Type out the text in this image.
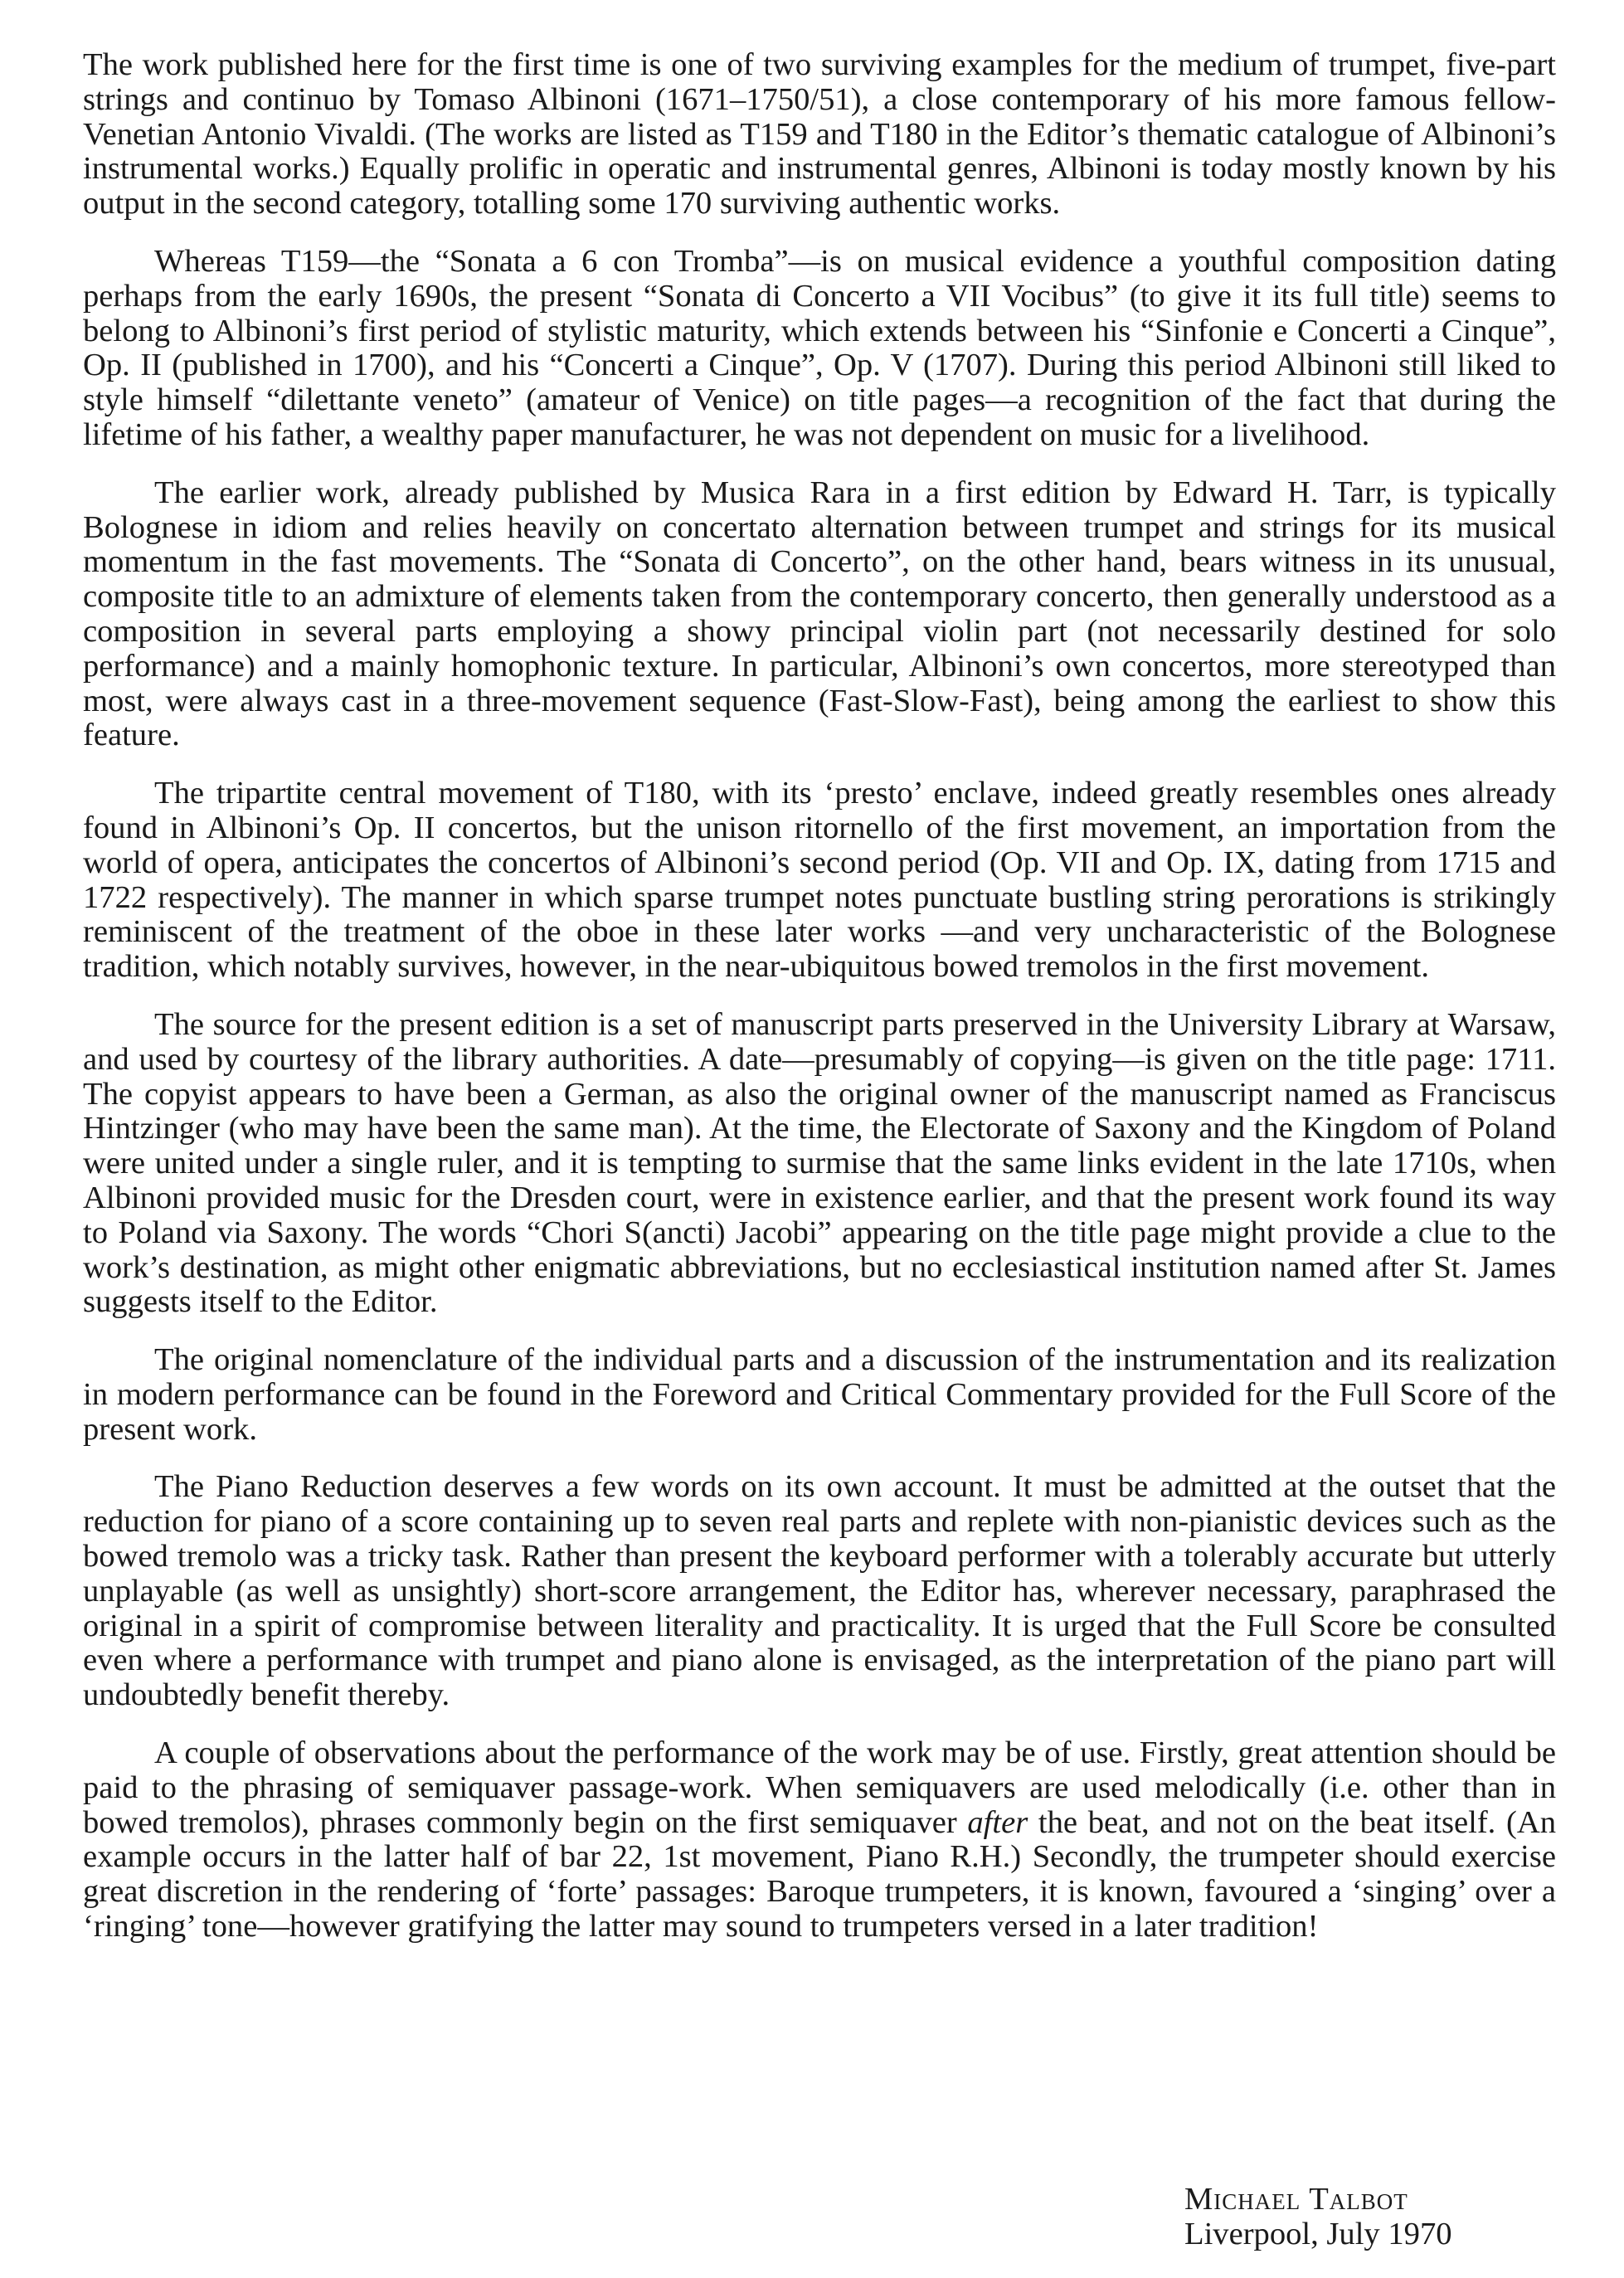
The work published here for the first time is one of two surviving examples for the medium of trumpet, five-part strings and continuo by Tomaso Albinoni (1671–1750/51), a close contemporary of his more famous fellow-Venetian Antonio Vivaldi. (The works are listed as T159 and T180 in the Editor’s thematic catalogue of Albinoni’s instrumental works.) Equally prolific in operatic and instrumental genres, Albinoni is today mostly known by his output in the second category, totalling some 170 surviving authentic works.

Whereas T159—the “Sonata a 6 con Tromba”—is on musical evidence a youthful composition dating perhaps from the early 1690s, the present “Sonata di Concerto a VII Vocibus” (to give it its full title) seems to belong to Albinoni’s first period of stylistic maturity, which extends between his “Sinfonie e Concerti a Cinque”, Op. II (published in 1700), and his “Concerti a Cinque”, Op. V (1707). During this period Albinoni still liked to style himself “dilettante veneto” (amateur of Venice) on title pages—a recognition of the fact that during the lifetime of his father, a wealthy paper manufacturer, he was not dependent on music for a livelihood.

The earlier work, already published by Musica Rara in a first edition by Edward H. Tarr, is typically Bolognese in idiom and relies heavily on concertato alternation between trumpet and strings for its musical momentum in the fast movements. The “Sonata di Concerto”, on the other hand, bears witness in its unusual, composite title to an admixture of elements taken from the contemporary concerto, then generally understood as a composition in several parts employing a showy principal violin part (not necessarily destined for solo performance) and a mainly homophonic texture. In particular, Albinoni’s own concertos, more stereotyped than most, were always cast in a three-movement sequence (Fast-Slow-Fast), being among the earliest to show this feature.

The tripartite central movement of T180, with its ‘presto’ enclave, indeed greatly resembles ones already found in Albinoni’s Op. II concertos, but the unison ritornello of the first movement, an importation from the world of opera, anticipates the concertos of Albinoni’s second period (Op. VII and Op. IX, dating from 1715 and 1722 respectively). The manner in which sparse trumpet notes punctuate bustling string perorations is strikingly reminiscent of the treatment of the oboe in these later works —and very uncharacteristic of the Bolognese tradition, which notably survives, however, in the near-ubiquitous bowed tremolos in the first movement.

The source for the present edition is a set of manuscript parts preserved in the University Library at Warsaw, and used by courtesy of the library authorities. A date—presumably of copying—is given on the title page: 1711. The copyist appears to have been a German, as also the original owner of the manuscript named as Franciscus Hintzinger (who may have been the same man). At the time, the Electorate of Saxony and the Kingdom of Poland were united under a single ruler, and it is tempting to surmise that the same links evident in the late 1710s, when Albinoni provided music for the Dresden court, were in existence earlier, and that the present work found its way to Poland via Saxony. The words “Chori S(ancti) Jacobi” appearing on the title page might provide a clue to the work’s destination, as might other enigmatic abbreviations, but no ecclesiastical institution named after St. James suggests itself to the Editor.

The original nomenclature of the individual parts and a discussion of the instrumentation and its realization in modern performance can be found in the Foreword and Critical Commentary provided for the Full Score of the present work.

The Piano Reduction deserves a few words on its own account. It must be admitted at the outset that the reduction for piano of a score containing up to seven real parts and replete with non-pianistic devices such as the bowed tremolo was a tricky task. Rather than present the keyboard performer with a tolerably accurate but utterly unplayable (as well as unsightly) short-score arrangement, the Editor has, wherever necessary, paraphrased the original in a spirit of compromise between literality and practicality. It is urged that the Full Score be consulted even where a performance with trumpet and piano alone is envisaged, as the interpretation of the piano part will undoubtedly benefit thereby.

A couple of observations about the performance of the work may be of use. Firstly, great attention should be paid to the phrasing of semiquaver passage-work. When semiquavers are used melodically (i.e. other than in bowed tremolos), phrases commonly begin on the first semiquaver after the beat, and not on the beat itself. (An example occurs in the latter half of bar 22, 1st movement, Piano R.H.) Secondly, the trumpeter should exercise great discretion in the rendering of ‘forte’ passages: Baroque trumpeters, it is known, favoured a ‘singing’ over a ‘ringing’ tone—however gratifying the latter may sound to trumpeters versed in a later tradition!

Michael Talbot
Liverpool, July 1970
